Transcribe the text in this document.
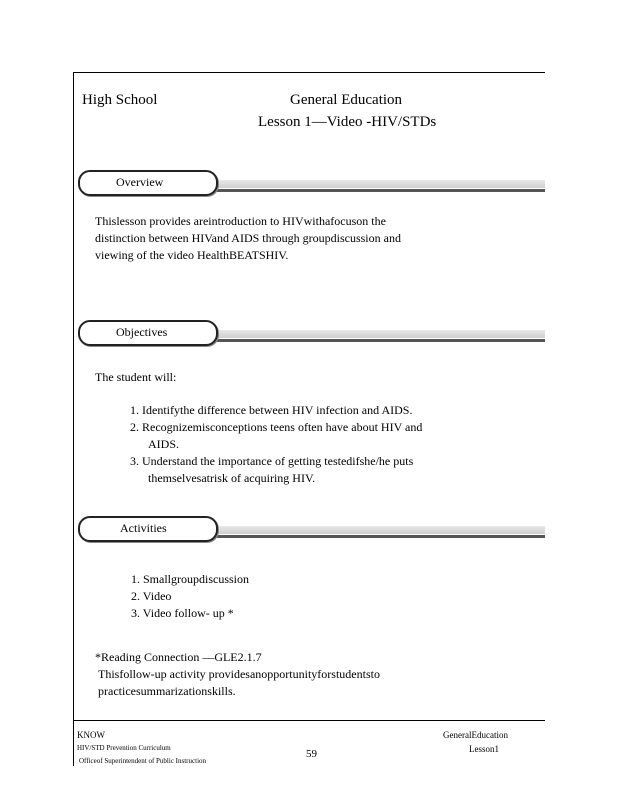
High School	General Education
Lesson 1—Video -HIV/STDs
Overview
Thislesson provides areintroduction to HIVwithafocuson the
distinction between HIVand AIDS through groupdiscussion and
viewing of the video HealthBEATSHIV.
Objectives
The student will:
1. Identifythe difference between HIV infection and AIDS.
2. Recognizemisconceptions teens often have about HIV and
AIDS.
3. Understand the importance of getting testedifshe/he puts
themselvesatrisk of acquiring HIV.
Activities
1. Smallgroupdiscussion
2. Video
3. Video follow- up *
*Reading Connection —GLE2.1.7
Thisfollow-up activity providesanopportunityforstudentsto
practicesummarizationskills.
KNOW
HIV/STD Prevention Curriculum
Officeof Superintendent of Public Instruction
59
GeneralEducation
Lesson1
